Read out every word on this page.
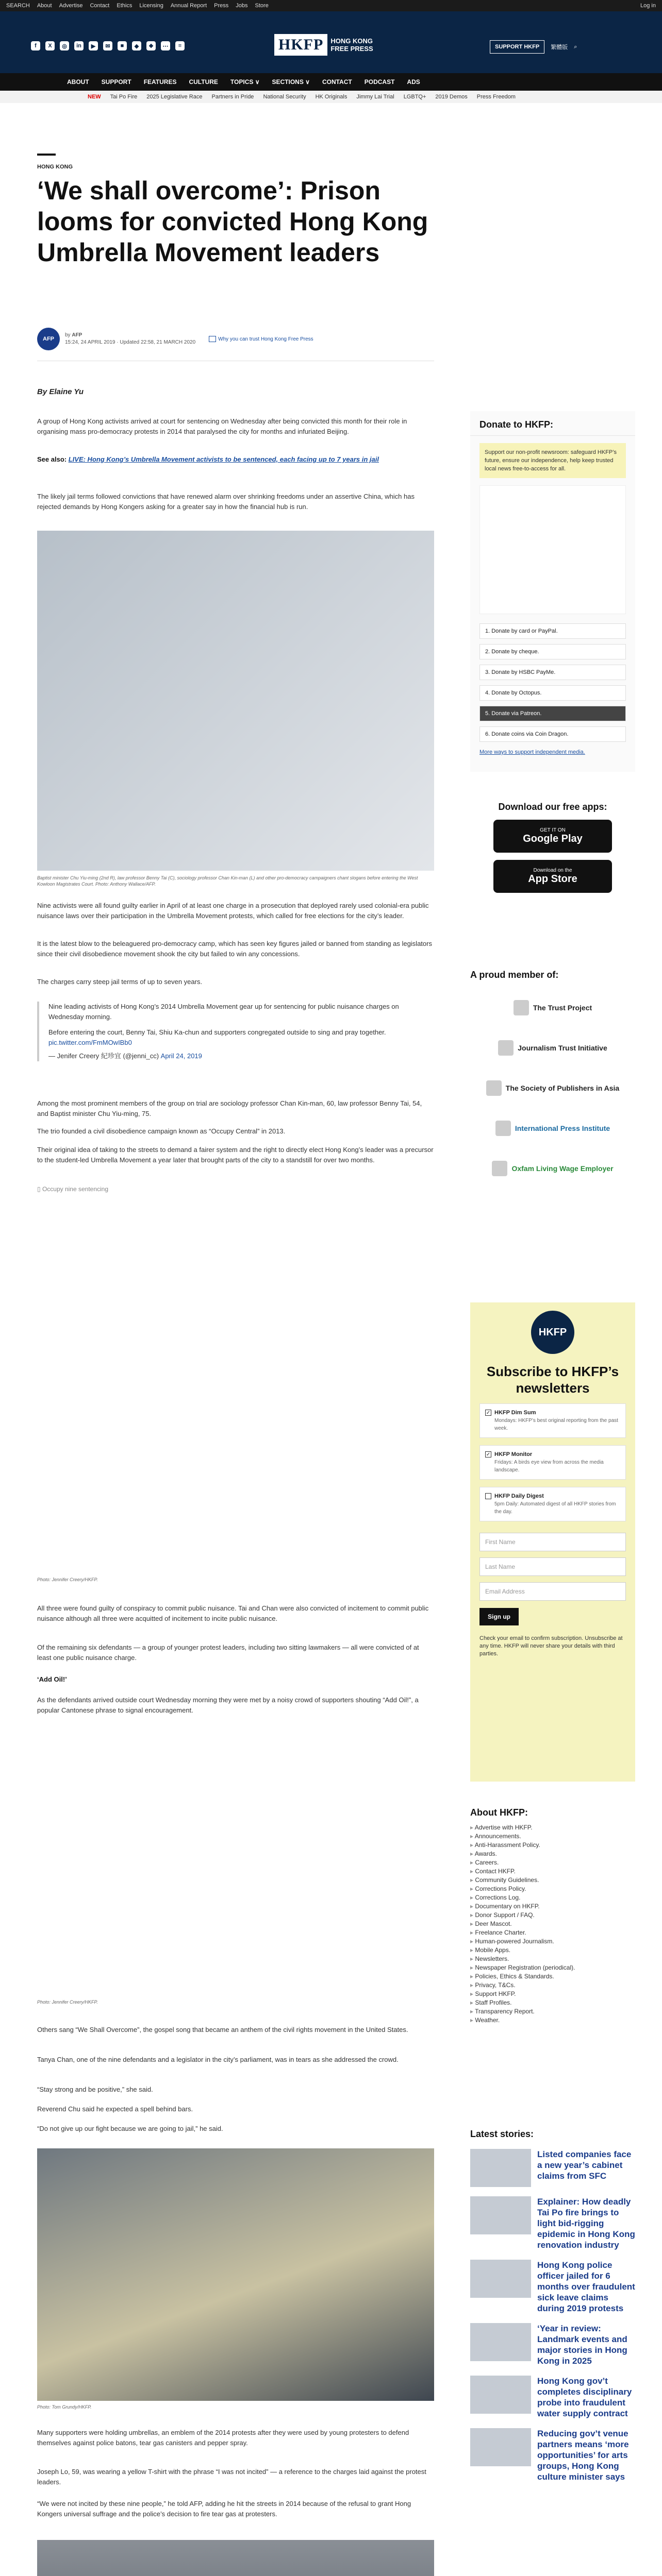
SEARCH About Advertise Contact Ethics Licensing Annual Report Press Jobs Store	Log in
f	X	◎	in	▶	✉	■	◆	❖	⋯	≡	HKFP	HONG KONG FREE PRESS	SUPPORT HKFP	繁體版 ⌕
ABOUT SUPPORT FEATURES CULTURE TOPICS ∨ SECTIONS ∨ CONTACT PODCAST ADS
NEW Tai Po Fire 2025 Legislative Race Partners in Pride National Security HK Originals Jimmy Lai Trial LGBTQ+ 2019 Demos Press Freedom
HONG KONG
‘We shall overcome’: Prison looms for convicted Hong Kong Umbrella Movement leaders
AFP
by AFP
15:24, 24 APRIL 2019 · Updated 22:58, 21 MARCH 2020
Why you can trust Hong Kong Free Press
By Elaine Yu

A group of Hong Kong activists arrived at court for sentencing on Wednesday after being convicted this month for their role in organising mass pro-democracy protests in 2014 that paralysed the city for months and infuriated Beijing.

See also: LIVE: Hong Kong’s Umbrella Movement activists to be sentenced, each facing up to 7 years in jail

The likely jail terms followed convictions that have renewed alarm over shrinking freedoms under an assertive China, which has rejected demands by Hong Kongers asking for a greater say in how the financial hub is run.

Baptist minister Chu Yiu-ming (2nd R), law professor Benny Tai (C), sociology professor Chan Kin-man (L) and other pro-democracy campaigners chant slogans before entering the West Kowloon Magistrates Court. Photo: Anthony Wallace/AFP.

Nine activists were all found guilty earlier in April of at least one charge in a prosecution that deployed rarely used colonial-era public nuisance laws over their participation in the Umbrella Movement protests, which called for free elections for the city’s leader.

It is the latest blow to the beleaguered pro-democracy camp, which has seen key figures jailed or banned from standing as legislators since their civil disobedience movement shook the city but failed to win any concessions.

The charges carry steep jail terms of up to seven years.

Nine leading activists of Hong Kong’s 2014 Umbrella Movement gear up for sentencing for public nuisance charges on Wednesday morning.

Before entering the court, Benny Tai, Shiu Ka-chun and supporters congregated outside to sing and pray together.

pic.twitter.com/FmMOwIBb0

— Jenifer Creery 紀珍宜 (@jenni_cc) April 24, 2019

Among the most prominent members of the group on trial are sociology professor Chan Kin-man, 60, law professor Benny Tai, 54, and Baptist minister Chu Yiu-ming, 75.

The trio founded a civil disobedience campaign known as “Occupy Central” in 2013.

Their original idea of taking to the streets to demand a fairer system and the right to directly elect Hong Kong’s leader was a precursor to the student-led Umbrella Movement a year later that brought parts of the city to a standstill for over two months.

▯ Occupy nine sentencing

Photo: Jennifer Creery/HKFP.

All three were found guilty of conspiracy to commit public nuisance. Tai and Chan were also convicted of incitement to commit public nuisance although all three were acquitted of incitement to incite public nuisance.

Of the remaining six defendants — a group of younger protest leaders, including two sitting lawmakers — all were convicted of at least one public nuisance charge.

‘Add Oil!’

As the defendants arrived outside court Wednesday morning they were met by a noisy crowd of supporters shouting “Add Oil!”, a popular Cantonese phrase to signal encouragement.

Photo: Jennifer Creery/HKFP.

Others sang “We Shall Overcome”, the gospel song that became an anthem of the civil rights movement in the United States.

Tanya Chan, one of the nine defendants and a legislator in the city’s parliament, was in tears as she addressed the crowd.

“Stay strong and be positive,” she said.

Reverend Chu said he expected a spell behind bars.

“Do not give up our fight because we are going to jail,” he said.

Photo: Tom Grundy/HKFP.

Many supporters were holding umbrellas, an emblem of the 2014 protests after they were used by young protesters to defend themselves against police batons, tear gas canisters and pepper spray.

Joseph Lo, 59, was wearing a yellow T-shirt with the phrase “I was not incited” — a reference to the charges laid against the protest leaders.

“We were not incited by these nine people,” he told AFP, adding he hit the streets in 2014 because of the refusal to grant Hong Kongers universal suffrage and the police’s decision to fire tear gas at protesters.

Donate to HKFP:
Support our non-profit newsroom: safeguard HKFP’s future, ensure our independence, help keep trusted local news free-to-access for all.
1. Donate by card or PayPal.
2. Donate by cheque.
3. Donate by HSBC PayMe.
4. Donate by Octopus.
5. Donate via Patreon.
6. Donate coins via Coin Dragon.
More ways to support independent media.
Download our free apps:
GET IT ON
Google Play
Download on the
App Store
A proud member of:
The Trust Project
Journalism Trust Initiative
The Society of Publishers in Asia
International Press Institute
Oxfam Living Wage Employer
HKFP
Subscribe to HKFP’s newsletters
✓ HKFP Dim Sum
Mondays: HKFP’s best original reporting from the past week.
✓ HKFP Monitor
Fridays: A birds eye view from across the media landscape.
HKFP Daily Digest
5pm Daily: Automated digest of all HKFP stories from the day.
First Name
Last Name
Email Address
Sign up
Check your email to confirm subscription. Unsubscribe at any time. HKFP will never share your details with third parties.
About HKFP:
▸ Advertise with HKFP.
▸ Announcements.
▸ Anti-Harassment Policy.
▸ Awards.
▸ Careers.
▸ Contact HKFP.
▸ Community Guidelines.
▸ Corrections Policy.
▸ Corrections Log.
▸ Documentary on HKFP.
▸ Donor Support / FAQ.
▸ Deer Mascot.
▸ Freelance Charter.
▸ Human-powered Journalism.
▸ Mobile Apps.
▸ Newsletters.
▸ Newspaper Registration (periodical).
▸ Policies, Ethics & Standards.
▸ Privacy, T&Cs.
▸ Support HKFP.
▸ Staff Profiles.
▸ Transparency Report.
▸ Weather.
Latest stories:
Listed companies face a new year’s cabinet claims from SFC
Explainer: How deadly Tai Po fire brings to light bid-rigging epidemic in Hong Kong renovation industry
Hong Kong police officer jailed for 6 months over fraudulent sick leave claims during 2019 protests
‘Year in review: Landmark events and major stories in Hong Kong in 2025
Hong Kong gov’t completes disciplinary probe into fraudulent water supply contract
Reducing gov’t venue partners means ‘more opportunities’ for arts groups, Hong Kong culture minister says
